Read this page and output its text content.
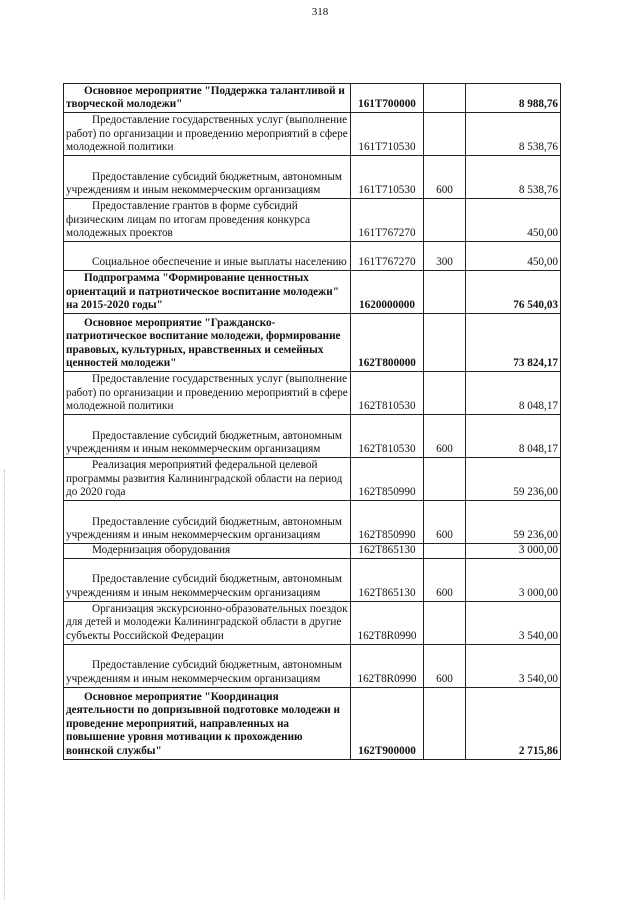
318
Основное мероприятие "Поддержка талантливой и творческой молодежи"	161Т700000		8 988,76
Предоставление государственных услуг (выполнение работ) по организации и проведению мероприятий в сфере молодежной политики	161Т710530		8 538,76
Предоставление субсидий бюджетным, автономным учреждениям и иным некоммерческим организациям	161Т710530	600	8 538,76
Предоставление грантов в форме субсидий физическим лицам по итогам проведения конкурса молодежных проектов	161Т767270		450,00
Социальное обеспечение и иные выплаты населению	161Т767270	300	450,00
Подпрограмма "Формирование ценностных ориентаций и патриотическое воспитание молодежи" на 2015-2020 годы"	1620000000		76 540,03
Основное мероприятие "Гражданско-патриотическое воспитание молодежи, формирование правовых, культурных, нравственных и семейных ценностей молодежи"	162Т800000		73 824,17
Предоставление государственных услуг (выполнение работ) по организации и проведению мероприятий в сфере молодежной политики	162Т810530		8 048,17
Предоставление субсидий бюджетным, автономным учреждениям и иным некоммерческим организациям	162Т810530	600	8 048,17
Реализация мероприятий федеральной целевой программы развития Калининградской области на период до 2020 года	162Т850990		59 236,00
Предоставление субсидий бюджетным, автономным учреждениям и иным некоммерческим организациям	162Т850990	600	59 236,00
Модернизация оборудования	162Т865130		3 000,00
Предоставление субсидий бюджетным, автономным учреждениям и иным некоммерческим организациям	162Т865130	600	3 000,00
Организация экскурсионно-образовательных поездок для детей и молодежи Калининградской области в другие субъекты Российской Федерации	162Т8R0990		3 540,00
Предоставление субсидий бюджетным, автономным учреждениям и иным некоммерческим организациям	162Т8R0990	600	3 540,00
Основное мероприятие "Координация деятельности по допризывной подготовке молодежи и проведение мероприятий, направленных на повышение уровня мотивации к прохождению воинской службы"	162Т900000		2 715,86
